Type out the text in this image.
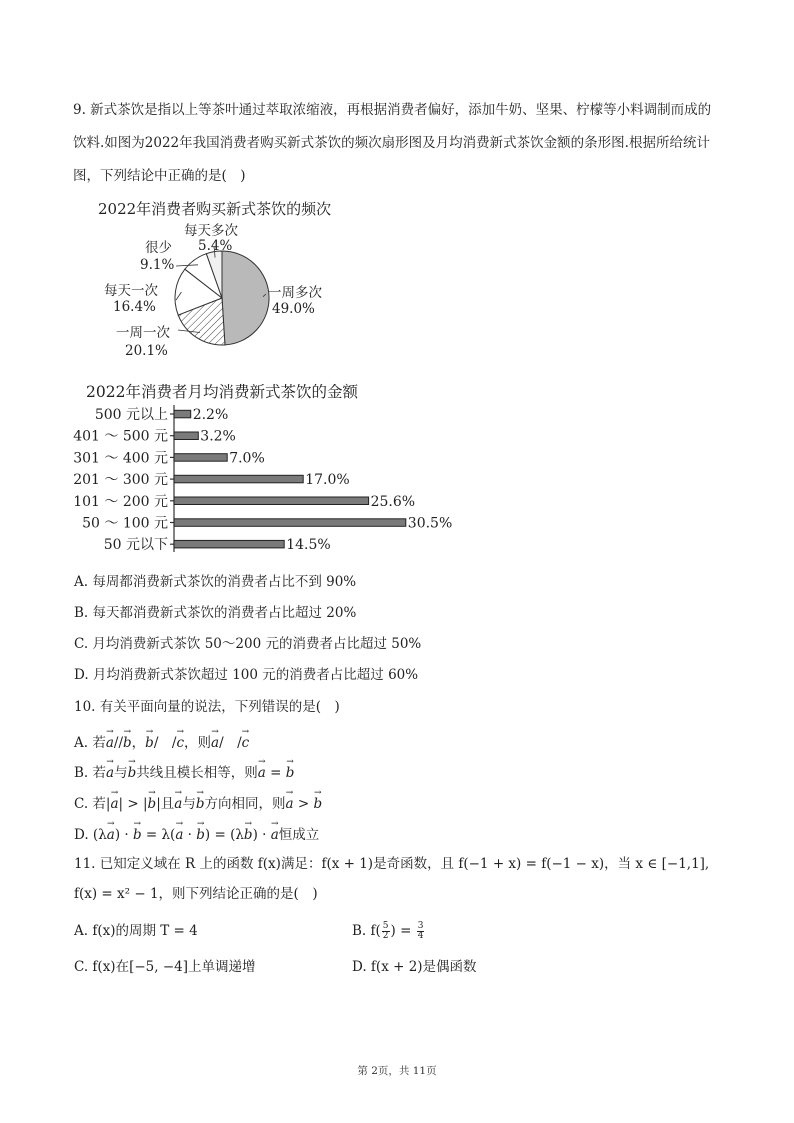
9. 新式茶饮是指以上等茶叶通过萃取浓缩液，再根据消费者偏好，添加牛奶、坚果、柠檬等小料调制而成的饮料.如图为2022年我国消费者购买新式茶饮的频次扇形图及月均消费新式茶饮金额的条形图.根据所给统计图，下列结论中正确的是(　)
2022年消费者购买新式茶饮的频次
每天多次
5.4%
很少
9.1%
每天一次
16.4%
一周一次
20.1%
一周多次
49.0%
2022年消费者月均消费新式茶饮的金额
500 元以上
401 ～ 500 元
301 ～ 400 元
201 ～ 300 元
101 ～ 200 元
50 ～ 100 元
50 元以下
2.2%
3.2%
7.0%
17.0%
25.6%
30.5%
14.5%
A. 每周都消费新式茶饮的消费者占比不到 90%
B. 每天都消费新式茶饮的消费者占比超过 20%
C. 月均消费新式茶饮 50～200 元的消费者占比超过 50%
D. 月均消费新式茶饮超过 100 元的消费者占比超过 60%
10. 有关平面向量的说法，下列错误的是(　)
A. 若→ a//→ b，→ b/　/→ c，则→ a/　/→ c
B. 若→ a与→ b共线且模长相等，则→ a = → b
C. 若|→ a| > |→ b|且→ a与→ b方向相同，则→ a > → b
D. (λ→ a) · → b = λ(→ a · → b) = (λ→ b) · → a恒成立
11. 已知定义域在 R 上的函数 f(x)满足：f(x + 1)是奇函数，且 f(−1 + x) = f(−1 − x)，当 x ∈ [−1,1],
f(x) = x² − 1，则下列结论正确的是(　)
A. f(x)的周期 T = 4	B. $f( \frac{5}{2}$ ) = $\frac{3}{4}$
C. f(x)在[−5, −4]上单调递增	D. f(x + 2)是偶函数
第 2页，共 11页
